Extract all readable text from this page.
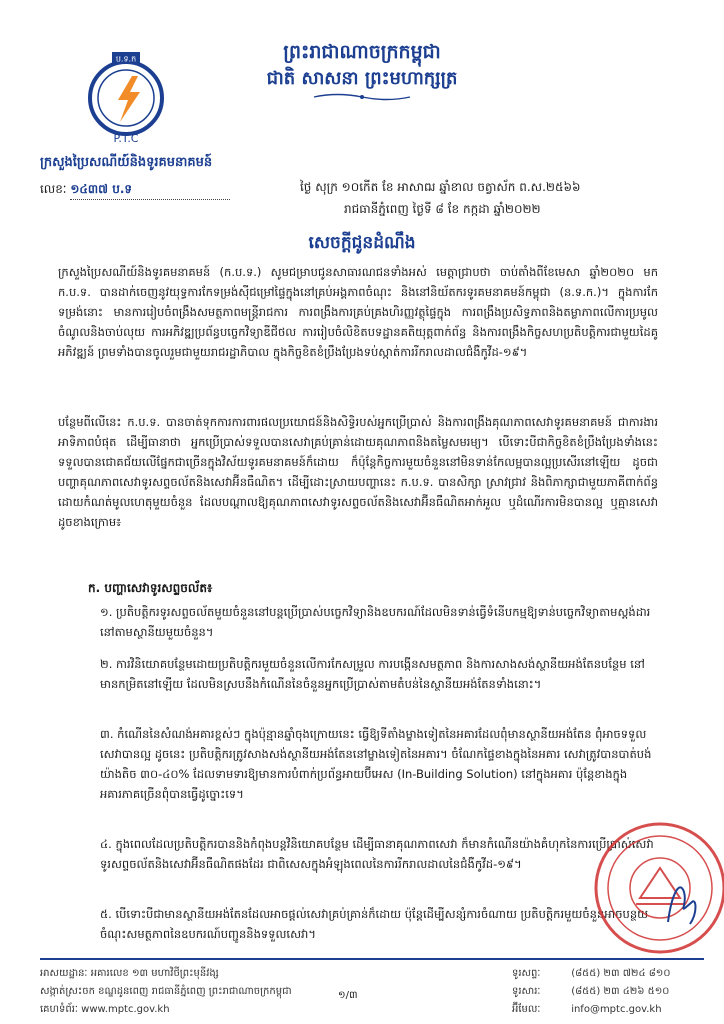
ព្រះរាជាណាចក្រកម្ពុជា
ជាតិ សាសនា ព្រះមហាក្សត្រ
ប.ទ.ក
P.T.C
ក្រសួងប្រៃសណីយ៍និងទូរគមនាគមន៍
លេខៈ ១៤៣៧ ប.ទ	ថ្ងៃ សុក្រ ១០កើត ខែ អាសាឍ ឆ្នាំខាល ចត្វាស័ក ព.ស.២៥៦៦
រាជធានីភ្នំពេញ ថ្ងៃទី ៨ ខែ កក្កដា ឆ្នាំ២០២២
សេចក្តីជូនដំណឹង
ក្រសួងប្រៃសណីយ៍និងទូរគមនាគមន៍ (ក.ប.ទ.) សូមជម្រាបជូនសាធារណជនទាំងអស់ មេត្តាជ្រាបថា ចាប់តាំងពីខែមេសា ឆ្នាំ២០២០ មក ក.ប.ទ. បានដាក់ចេញនូវយុទ្ធការកែទម្រង់ស៊ីជម្រៅផ្ទៃក្នុងនៅគ្រប់អង្គភាពចំណុះ និងនៅនិយ័តករទូរគមនាគមន៍កម្ពុជា (ន.ទ.ក.)។ ក្នុងការកែទម្រង់នោះ មានការរៀបចំពង្រឹងសមត្ថភាពមន្ត្រីរាជការ ការពង្រឹងការគ្រប់គ្រងហិរញ្ញវត្ថុផ្ទៃក្នុង ការពង្រឹងប្រសិទ្ធភាពនិងតម្លាភាពលើការប្រមូលចំណូលនិងចាប់លុយ ការអភិវឌ្ឍប្រព័ន្ធបច្ចេកវិទ្យាឌីជីថល ការរៀបចំលិខិតបទដ្ឋានគតិយុត្តពាក់ព័ន្ធ និងការពង្រឹងកិច្ចសហប្រតិបត្តិការជាមួយដៃគូអភិវឌ្ឍន៍ ព្រមទាំងបានចូលរួមជាមួយរាជរដ្ឋាភិបាល ក្នុងកិច្ចខិតខំប្រឹងប្រែងទប់ស្កាត់ការរីករាលដាលជំងឺកូវីដ-១៩។
បន្ថែមពីលើនេះ ក.ប.ទ. បានចាត់ទុកការការពារផលប្រយោជន៍និងសិទ្ធិរបស់អ្នកប្រើប្រាស់ និងការពង្រឹងគុណភាពសេវាទូរគមនាគមន៍ ជាការងារអាទិភាពបំផុត ដើម្បីធានាថា អ្នកប្រើប្រាស់ទទួលបានសេវាគ្រប់គ្រាន់ដោយគុណភាពនិងតម្លៃសមរម្យ។ បើទោះបីជាកិច្ចខិតខំប្រឹងប្រែងទាំងនេះទទួលបានជោគជ័យលើផ្នែកជាច្រើនក្នុងវិស័យទូរគមនាគមន៍ក៏ដោយ ក៏ប៉ុន្តែកិច្ចការមួយចំនួននៅមិនទាន់កែលម្អបានល្អប្រសើរនៅឡើយ ដូចជា បញ្ហាគុណភាពសេវាទូរសព្ទចល័តនិងសេវាអ៊ីនធឺណិត។ ដើម្បីដោះស្រាយបញ្ហានេះ ក.ប.ទ. បានសិក្សា ស្រាវជ្រាវ និងពិភាក្សាជាមួយភាគីពាក់ព័ន្ធ ដោយកំណត់មូលហេតុមួយចំនួន ដែលបណ្តាលឱ្យគុណភាពសេវាទូរសព្ទចល័តនិងសេវាអ៊ីនធឺណិតអាក់អួល ឬដំណើរការមិនបានល្អ ឬគ្មានសេវា ដូចខាងក្រោម៖
ក. បញ្ហាសេវាទូរសព្ទចល័ត៖
១. ប្រតិបត្តិករទូរសព្ទចល័តមួយចំនួននៅបន្តប្រើប្រាស់បច្ចេកវិទ្យានិងឧបករណ៍ដែលមិនទាន់ធ្វើទំនើបកម្មឱ្យទាន់បច្ចេកវិទ្យាតាមស្តង់ដារ នៅតាមស្ថានីយមួយចំនួន។
២. ការវិនិយោគបន្ថែមដោយប្រតិបត្តិករមួយចំនួនលើការកែសម្រួល ការបង្កើនសមត្ថភាព និងការសាងសង់ស្ថានីយអង់តែនបន្ថែម នៅមានកម្រិតនៅឡើយ ដែលមិនស្របនឹងកំណើននៃចំនួនអ្នកប្រើប្រាស់តាមតំបន់នៃស្ថានីយអង់តែនទាំងនោះ។
៣. កំណើននៃសំណង់អគារខ្ពស់ៗ ក្នុងប៉ុន្មានឆ្នាំចុងក្រោយនេះ ធ្វើឱ្យទីតាំងម្ខាងទៀតនៃអគារដែលពុំមានស្ថានីយអង់តែន ពុំអាចទទួលសេវាបានល្អ ដូចនេះ ប្រតិបត្តិករត្រូវសាងសង់ស្ថានីយអង់តែននៅម្ខាងទៀតនៃអគារ។ ចំណែកផ្ទៃខាងក្នុងនៃអគារ សេវាត្រូវបានបាត់បង់យ៉ាងតិច ៣០-៤០% ដែលទាមទារឱ្យមានការបំពាក់ប្រព័ន្ធអាយប៊ីអេស (In-Building Solution) នៅក្នុងអគារ ប៉ុន្តែខាងក្នុងអគារភាគច្រើនពុំបានធ្វើដូច្នោះទេ។
៤. ក្នុងពេលដែលប្រតិបត្តិករបាននិងកំពុងបន្តវិនិយោគបន្ថែម ដើម្បីធានាគុណភាពសេវា ក៏មានកំណើនយ៉ាងគំហុកនៃការប្រើប្រាស់សេវាទូរសព្ទចល័តនិងសេវាអ៊ីនធឺណិតផងដែរ ជាពិសេសក្នុងអំឡុងពេលនៃការរីករាលដាលនៃជំងឺកូវីដ-១៩។
៥. បើទោះបីជាមានស្ថានីយអង់តែនដែលអាចផ្តល់សេវាគ្រប់គ្រាន់ក៏ដោយ ប៉ុន្តែដើម្បីសន្សំការចំណាយ ប្រតិបត្តិករមួយចំនួនអាចបន្ថយចំណុះសមត្ថភាពនៃឧបករណ៍បញ្ជូននិងទទួលសេវា។
អាសយដ្ឋានៈ អគារលេខ ១៣ មហាវិថីព្រះមុនីវង្ស
សង្កាត់ស្រះចក ខណ្ឌដូនពេញ រាជធានីភ្នំពេញ ព្រះរាជាណាចក្រកម្ពុជា
គេហទំព័រៈ www.mptc.gov.kh
១/៣
ទូរសព្ទៈ	(៨៥៥) ២៣ ៧២៤ ៨១០
ទូរសារៈ	(៨៥៥) ២៣ ៤២៦ ៥១០
អ៊ីមែលៈ	info@mptc.gov.kh
